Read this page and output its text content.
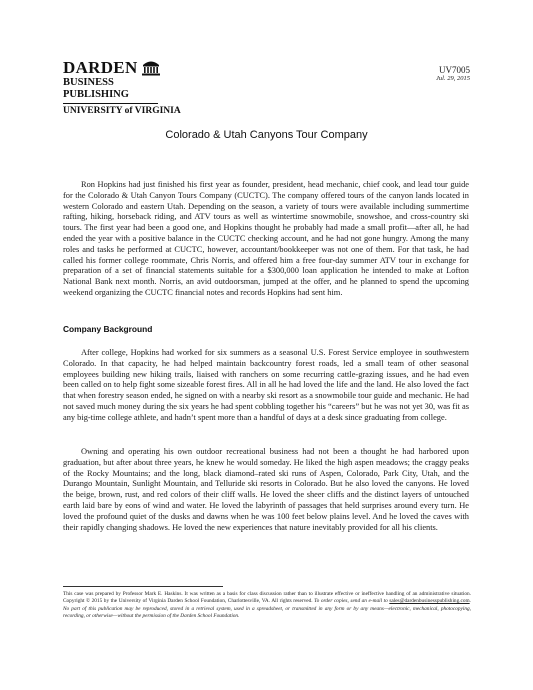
DARDEN
BUSINESS PUBLISHING
UNIVERSITY of VIRGINIA
UV7005
Jul. 29, 2015
Colorado & Utah Canyons Tour Company

Ron Hopkins had just finished his first year as founder, president, head mechanic, chief cook, and lead tour guide for the Colorado & Utah Canyon Tours Company (CUCTC). The company offered tours of the canyon lands located in western Colorado and eastern Utah. Depending on the season, a variety of tours were available including summertime rafting, hiking, horseback riding, and ATV tours as well as wintertime snowmobile, snowshoe, and cross-country ski tours. The first year had been a good one, and Hopkins thought he probably had made a small profit—after all, he had ended the year with a positive balance in the CUCTC checking account, and he had not gone hungry. Among the many roles and tasks he performed at CUCTC, however, accountant/bookkeeper was not one of them. For that task, he had called his former college roommate, Chris Norris, and offered him a free four-day summer ATV tour in exchange for preparation of a set of financial statements suitable for a $300,000 loan application he intended to make at Lofton National Bank next month. Norris, an avid outdoorsman, jumped at the offer, and he planned to spend the upcoming weekend organizing the CUCTC financial notes and records Hopkins had sent him.

Company Background

After college, Hopkins had worked for six summers as a seasonal U.S. Forest Service employee in southwestern Colorado. In that capacity, he had helped maintain backcountry forest roads, led a small team of other seasonal employees building new hiking trails, liaised with ranchers on some recurring cattle-grazing issues, and he had even been called on to help fight some sizeable forest fires. All in all he had loved the life and the land. He also loved the fact that when forestry season ended, he signed on with a nearby ski resort as a snowmobile tour guide and mechanic. He had not saved much money during the six years he had spent cobbling together his “careers” but he was not yet 30, was fit as any big-time college athlete, and hadn’t spent more than a handful of days at a desk since graduating from college.

Owning and operating his own outdoor recreational business had not been a thought he had harbored upon graduation, but after about three years, he knew he would someday. He liked the high aspen meadows; the craggy peaks of the Rocky Mountains; and the long, black diamond–rated ski runs of Aspen, Colorado, Park City, Utah, and the Durango Mountain, Sunlight Mountain, and Telluride ski resorts in Colorado. But he also loved the canyons. He loved the beige, brown, rust, and red colors of their cliff walls. He loved the sheer cliffs and the distinct layers of untouched earth laid bare by eons of wind and water. He loved the labyrinth of passages that held surprises around every turn. He loved the profound quiet of the dusks and dawns when he was 100 feet below plains level. And he loved the caves with their rapidly changing shadows. He loved the new experiences that nature inevitably provided for all his clients.

This case was prepared by Professor Mark E. Haskins. It was written as a basis for class discussion rather than to illustrate effective or ineffective handling of an administrative situation. Copyright © 2015 by the University of Virginia Darden School Foundation, Charlottesville, VA. All rights reserved. To order copies, send an e-mail to sales@dardenbusinesspublishing.com. No part of this publication may be reproduced, stored in a retrieval system, used in a spreadsheet, or transmitted in any form or by any means—electronic, mechanical, photocopying, recording, or otherwise—without the permission of the Darden School Foundation.
